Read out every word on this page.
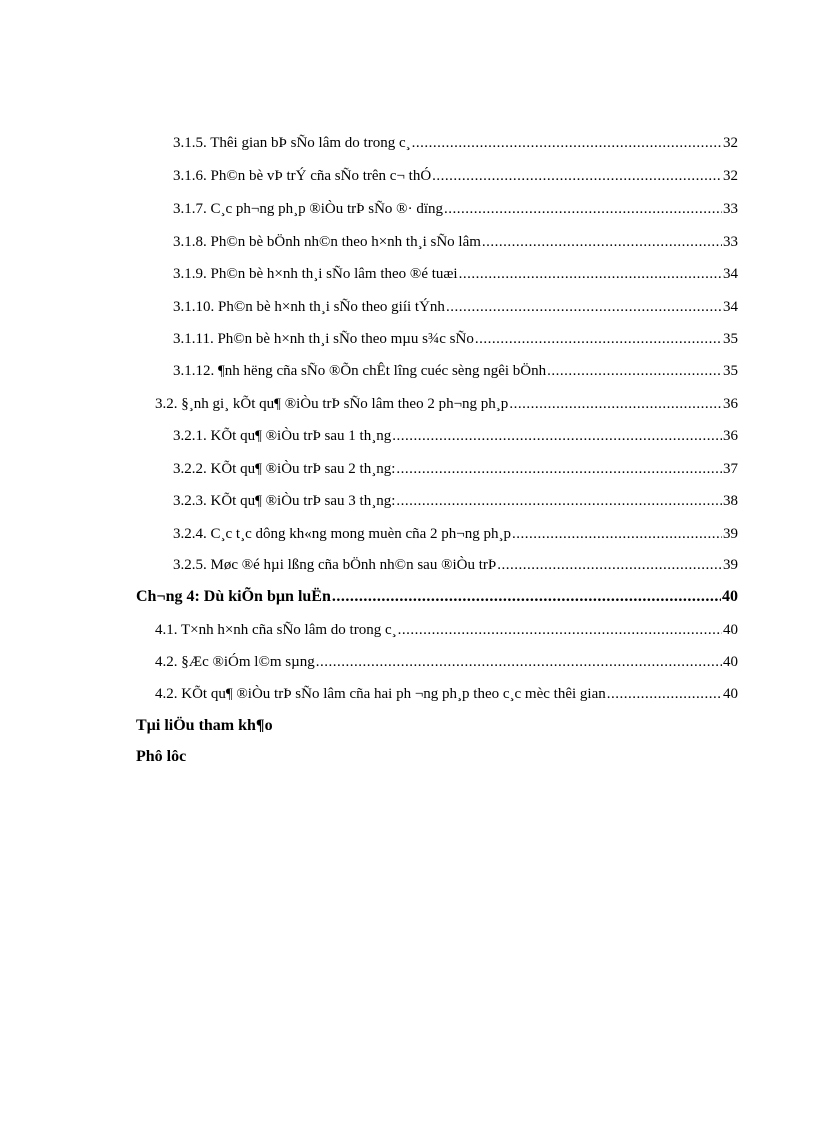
3.1.5. Thêi gian bÞ sÑo lâm do trong c¸ .....	32
3.1.6. Ph©n bè vÞ trÝ cña sÑo trên c¬ thÓ .....	32
3.1.7. C¸c ph¬ng ph¸p ®iÒu trÞ sÑo ®· dïng .....	33
3.1.8. Ph©n bè bÖnh nh©n theo h×nh th¸i sÑo lâm .....	33
3.1.9. Ph©n bè h×nh th¸i sÑo lâm theo ®é tuæi .....	34
3.1.10. Ph©n bè h×nh th¸i sÑo theo giíi tÝnh .....	34
3.1.11. Ph©n bè h×nh th¸i sÑo theo mµu s¾c sÑo .....	35
3.1.12. ¶nh hëng cña sÑo ®Õn chÊt lîng cuéc sèng ngêi bÖnh .....	35
3.2. §¸nh gi¸ kÕt qu¶ ®iÒu trÞ sÑo lâm theo 2 ph¬ng ph¸p .....	36
3.2.1. KÕt qu¶ ®iÒu trÞ sau 1 th¸ng .....	36
3.2.2. KÕt qu¶ ®iÒu trÞ sau 2 th¸ng: .....	37
3.2.3. KÕt qu¶ ®iÒu trÞ sau 3 th¸ng: .....	38
3.2.4. C¸c t¸c dông kh«ng mong muèn cña 2 ph¬ng ph¸p .....	39
3.2.5. Møc ®é hµi lßng cña bÖnh nh©n sau ®iÒu trÞ .....	39
Ch¬ng 4: Dù kiÕn bµn luËn .....	40
4.1. T×nh h×nh cña sÑo lâm do trong c¸ .....	40
4.2. §Æc ®iÓm l©m sµng .....	40
4.2. KÕt qu¶ ®iÒu trÞ sÑo lâm cña hai ph ¬ng ph¸p theo c¸c mèc thêi gian .....	40
Tµi liÖu tham kh¶o
Phô lôc
